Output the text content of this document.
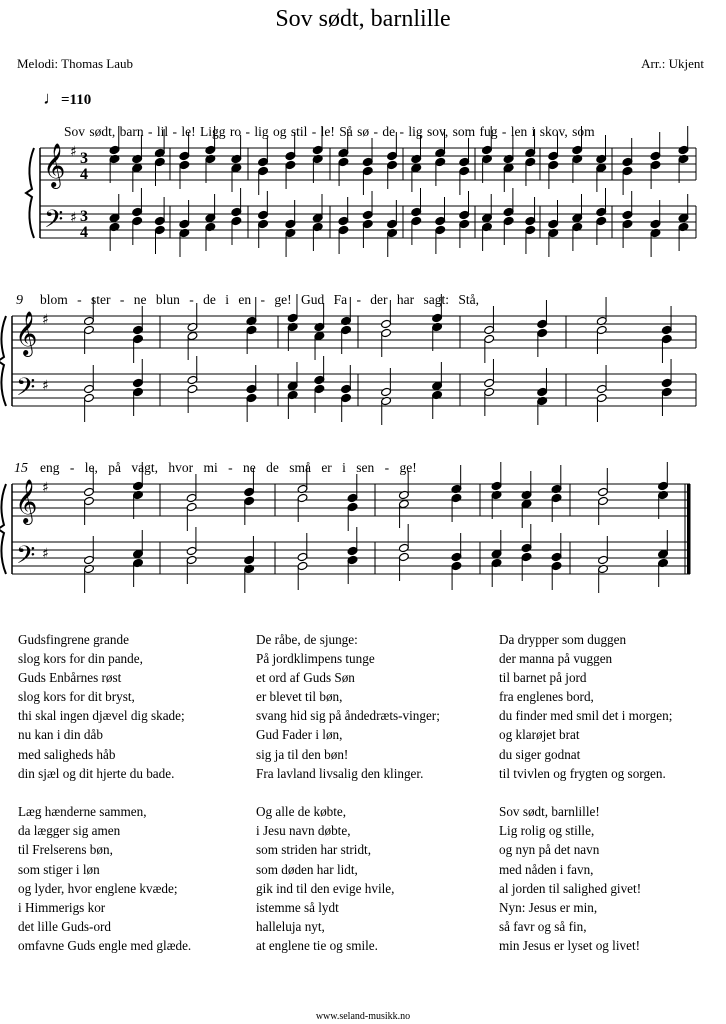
Sov sødt, barnlille
Melodi: Thomas Laub	Arr.: Ukjent
♩=110
Sov sødt, barn - lil - le! Ligg ro - lig og stil - le! Så sø - de - lig sov, som fug - len i skov, som
9 blom - ster - ne blun - de i en - ge! Gud Fa - der har sagt: Stå,
15 eng - le, på vagt, hvor mi - ne de små er i sen - ge!
𝄞
𝄢
♯
♯
3
4
3
4
𝄞
𝄢
♯
♯
𝄞
𝄢
♯
♯
Gudsfingrene grande
slog kors for din pande,
Guds Enbårnes røst
slog kors for dit bryst,
thi skal ingen djævel dig skade;
nu kan i din dåb
med saligheds håb
din sjæl og dit hjerte du bade.
Læg hænderne sammen,
da lægger sig amen
til Frelserens bøn,
som stiger i løn
og lyder, hvor englene kvæde;
i Himmerigs kor
det lille Guds-ord
omfavne Guds engle med glæde.
De råbe, de sjunge:
På jordklimpens tunge
et ord af Guds Søn
er blevet til bøn,
svang hid sig på åndedræts-vinger;
Gud Fader i løn,
sig ja til den bøn!
Fra lavland livsalig den klinger.
Og alle de købte,
i Jesu navn døbte,
som striden har stridt,
som døden har lidt,
gik ind til den evige hvile,
istemme så lydt
halleluja nyt,
at englene tie og smile.
Da drypper som duggen
der manna på vuggen
til barnet på jord
fra englenes bord,
du finder med smil det i morgen;
og klarøjet brat
du siger godnat
til tvivlen og frygten og sorgen.
Sov sødt, barnlille!
Lig rolig og stille,
og nyn på det navn
med nåden i favn,
al jorden til salighed givet!
Nyn: Jesus er min,
så favr og så fin,
min Jesus er lyset og livet!
www.seland-musikk.no
